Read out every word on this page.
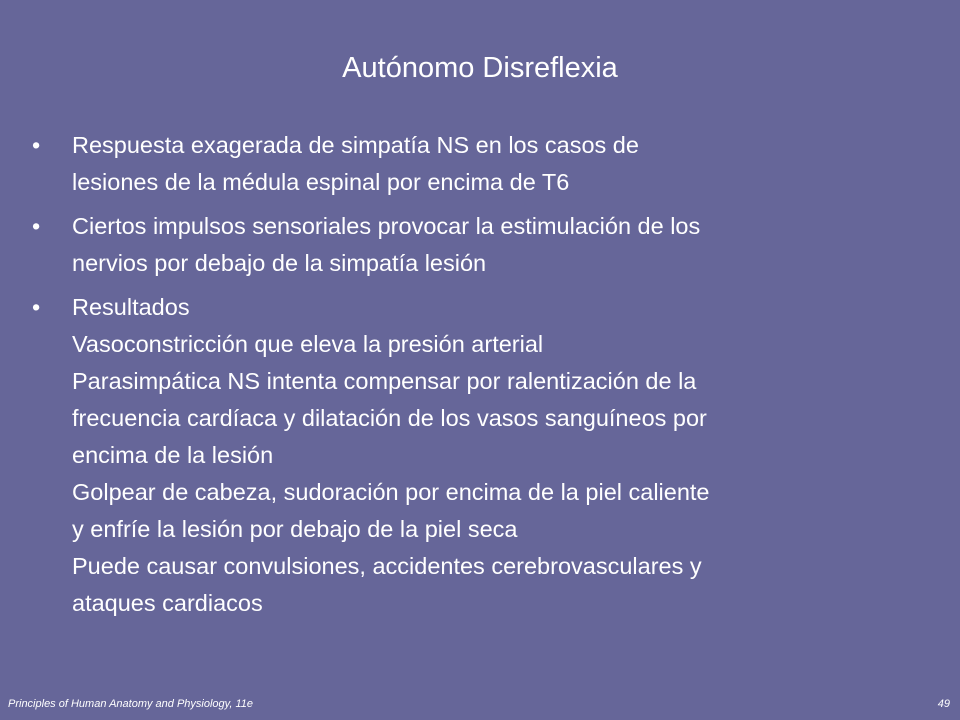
Autónomo Disreflexia
•	Respuesta exagerada de simpatía NS en los casos de
lesiones de la médula espinal por encima de T6
•	Ciertos impulsos sensoriales provocar la estimulación de los
nervios por debajo de la simpatía lesión
•	Resultados
Vasoconstricción que eleva la presión arterial
Parasimpática NS intenta compensar por ralentización de la
frecuencia cardíaca y dilatación de los vasos sanguíneos por
encima de la lesión
Golpear de cabeza, sudoración por encima de la piel caliente
y enfríe la lesión por debajo de la piel seca
Puede causar convulsiones, accidentes cerebrovasculares y
ataques cardiacos
Principles of Human Anatomy and Physiology, 11e	49
